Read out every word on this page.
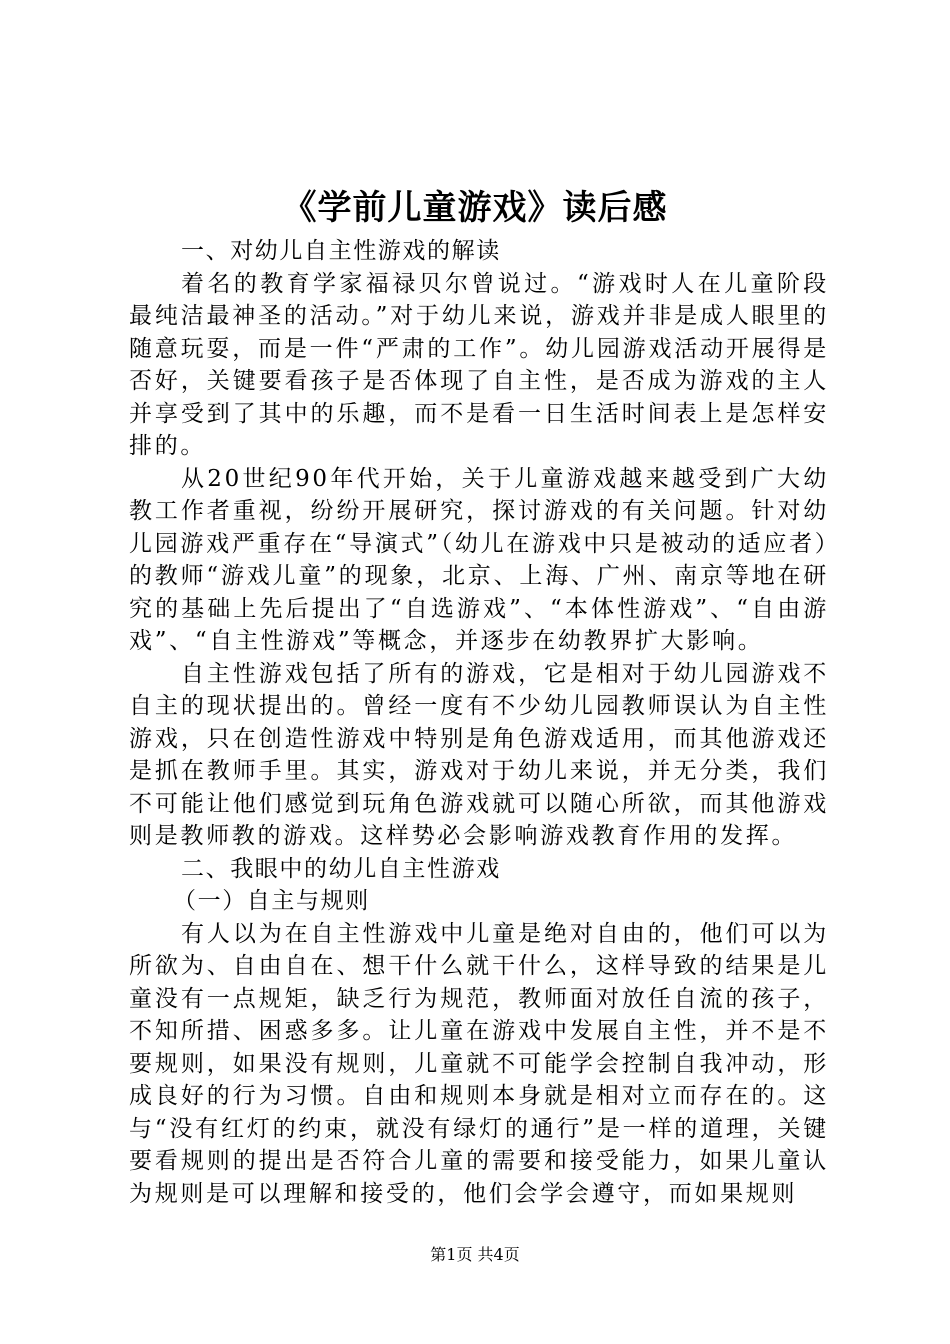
《学前儿童游戏》读后感

一、对幼儿自主性游戏的解读

着名的教育学家福禄贝尔曾说过。“游戏时人在儿童阶段最纯洁最神圣的活动。”对于幼儿来说，游戏并非是成人眼里的随意玩耍，而是一件“严肃的工作”。幼儿园游戏活动开展得是否好，关键要看孩子是否体现了自主性，是否成为游戏的主人并享受到了其中的乐趣，而不是看一日生活时间表上是怎样安排的。

从20世纪90年代开始，关于儿童游戏越来越受到广大幼教工作者重视，纷纷开展研究，探讨游戏的有关问题。针对幼儿园游戏严重存在“导演式”（幼儿在游戏中只是被动的适应者）的教师“游戏儿童”的现象，北京、上海、广州、南京等地在研究的基础上先后提出了“自选游戏”、“本体性游戏”、“自由游戏”、“自主性游戏”等概念，并逐步在幼教界扩大影响。

自主性游戏包括了所有的游戏，它是相对于幼儿园游戏不自主的现状提出的。曾经一度有不少幼儿园教师误认为自主性游戏，只在创造性游戏中特别是角色游戏适用，而其他游戏还是抓在教师手里。其实，游戏对于幼儿来说，并无分类，我们不可能让他们感觉到玩角色游戏就可以随心所欲，而其他游戏则是教师教的游戏。这样势必会影响游戏教育作用的发挥。

二、我眼中的幼儿自主性游戏

（一）自主与规则

有人以为在自主性游戏中儿童是绝对自由的，他们可以为所欲为、自由自在、想干什么就干什么，这样导致的结果是儿童没有一点规矩，缺乏行为规范，教师面对放任自流的孩子，不知所措、困惑多多。让儿童在游戏中发展自主性，并不是不要规则，如果没有规则，儿童就不可能学会控制自我冲动，形成良好的行为习惯。自由和规则本身就是相对立而存在的。这与“没有红灯的约束，就没有绿灯的通行”是一样的道理，关键要看规则的提出是否符合儿童的需要和接受能力，如果儿童认为规则是可以理解和接受的，他们会学会遵守，而如果规则

第1页 共4页
